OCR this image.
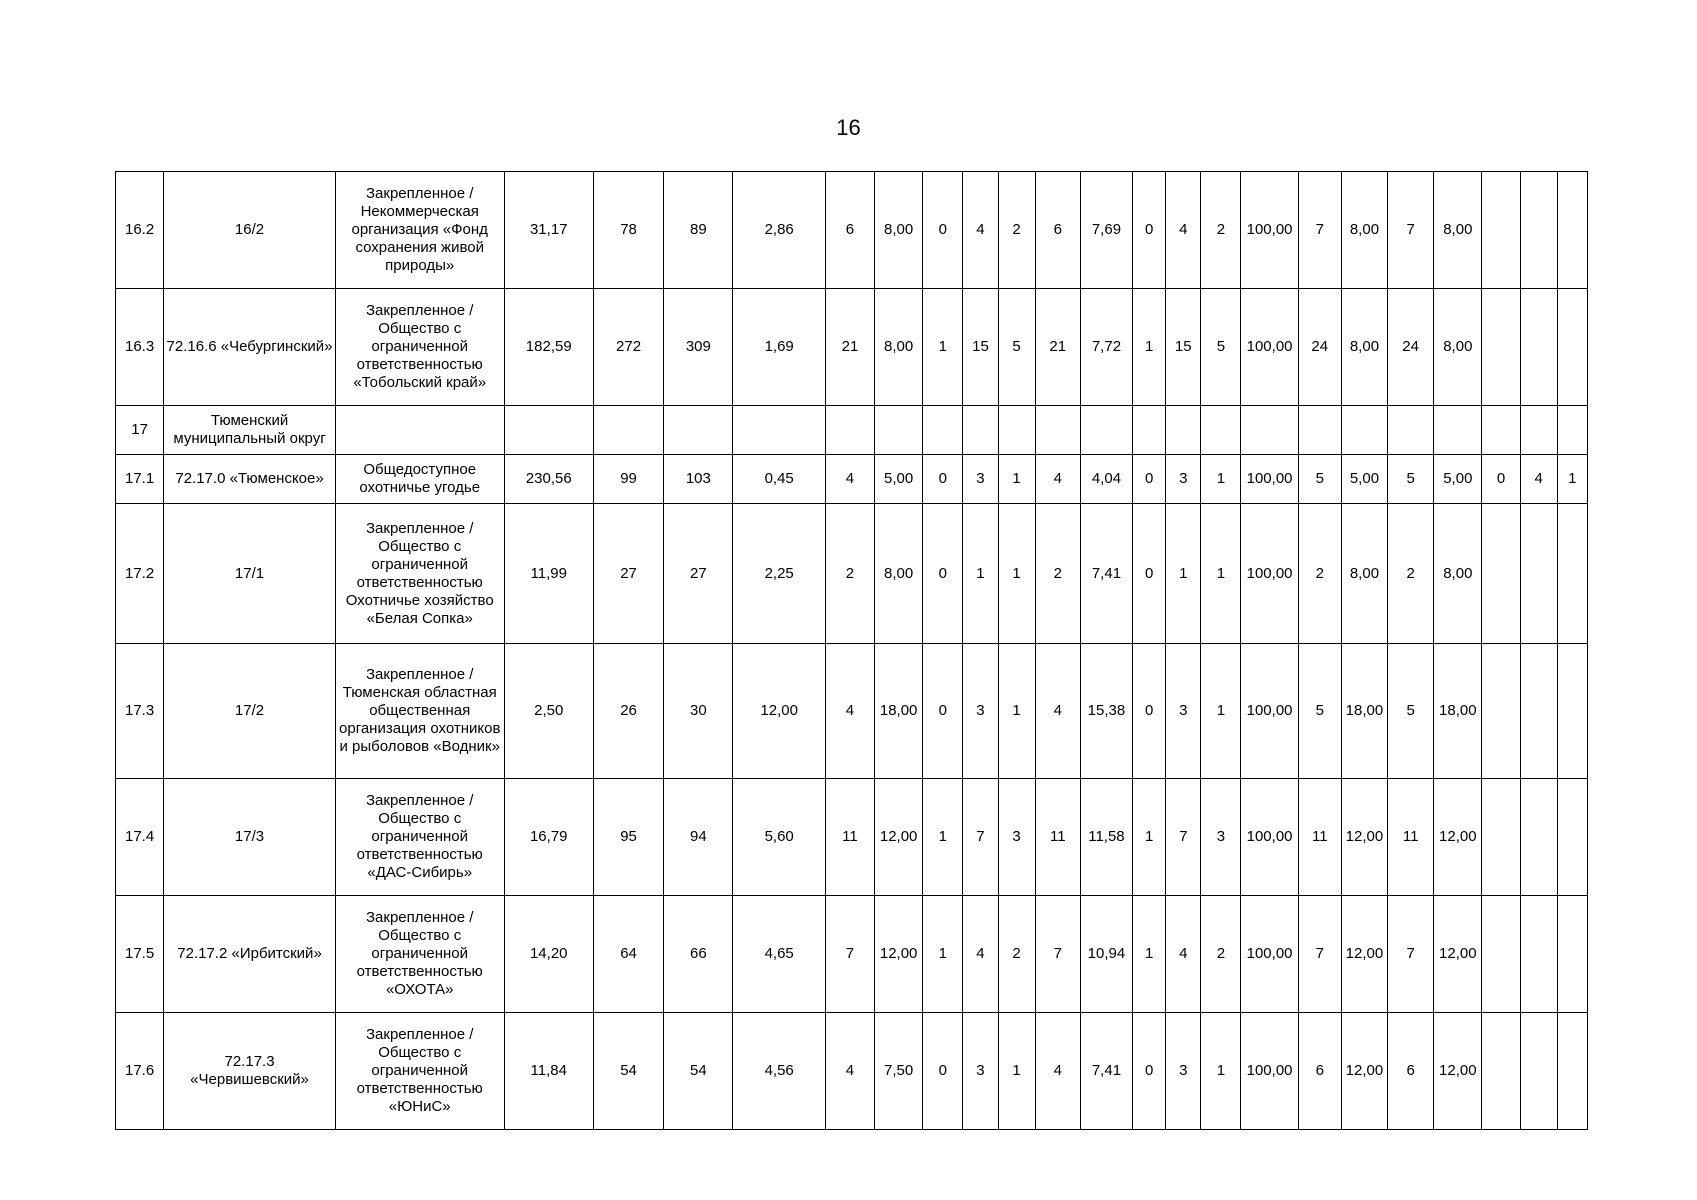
16
16.2	16/2	Закрепленное / Некоммерческая организация «Фонд сохранения живой природы»	31,17	78	89	2,86	6	8,00	0	4	2	6	7,69	0	4	2	100,00	7	8,00	7	8,00			
16.3	72.16.6 «Чебургинский»	Закрепленное / Общество с ограниченной ответственностью «Тобольский край»	182,59	272	309	1,69	21	8,00	1	15	5	21	7,72	1	15	5	100,00	24	8,00	24	8,00			
17	Тюменский муниципальный округ																							
17.1	72.17.0 «Тюменское»	Общедоступное охотничье угодье	230,56	99	103	0,45	4	5,00	0	3	1	4	4,04	0	3	1	100,00	5	5,00	5	5,00	0	4	1
17.2	17/1	Закрепленное / Общество с ограниченной ответственностью Охотничье хозяйство «Белая Сопка»	11,99	27	27	2,25	2	8,00	0	1	1	2	7,41	0	1	1	100,00	2	8,00	2	8,00			
17.3	17/2	Закрепленное / Тюменская областная общественная организация охотников и рыболовов «Водник»	2,50	26	30	12,00	4	18,00	0	3	1	4	15,38	0	3	1	100,00	5	18,00	5	18,00			
17.4	17/3	Закрепленное / Общество с ограниченной ответственностью «ДАС-Сибирь»	16,79	95	94	5,60	11	12,00	1	7	3	11	11,58	1	7	3	100,00	11	12,00	11	12,00			
17.5	72.17.2 «Ирбитский»	Закрепленное / Общество с ограниченной ответственностью «ОХОТА»	14,20	64	66	4,65	7	12,00	1	4	2	7	10,94	1	4	2	100,00	7	12,00	7	12,00			
17.6	72.17.3 «Червишевский»	Закрепленное / Общество с ограниченной ответственностью «ЮНиС»	11,84	54	54	4,56	4	7,50	0	3	1	4	7,41	0	3	1	100,00	6	12,00	6	12,00			
